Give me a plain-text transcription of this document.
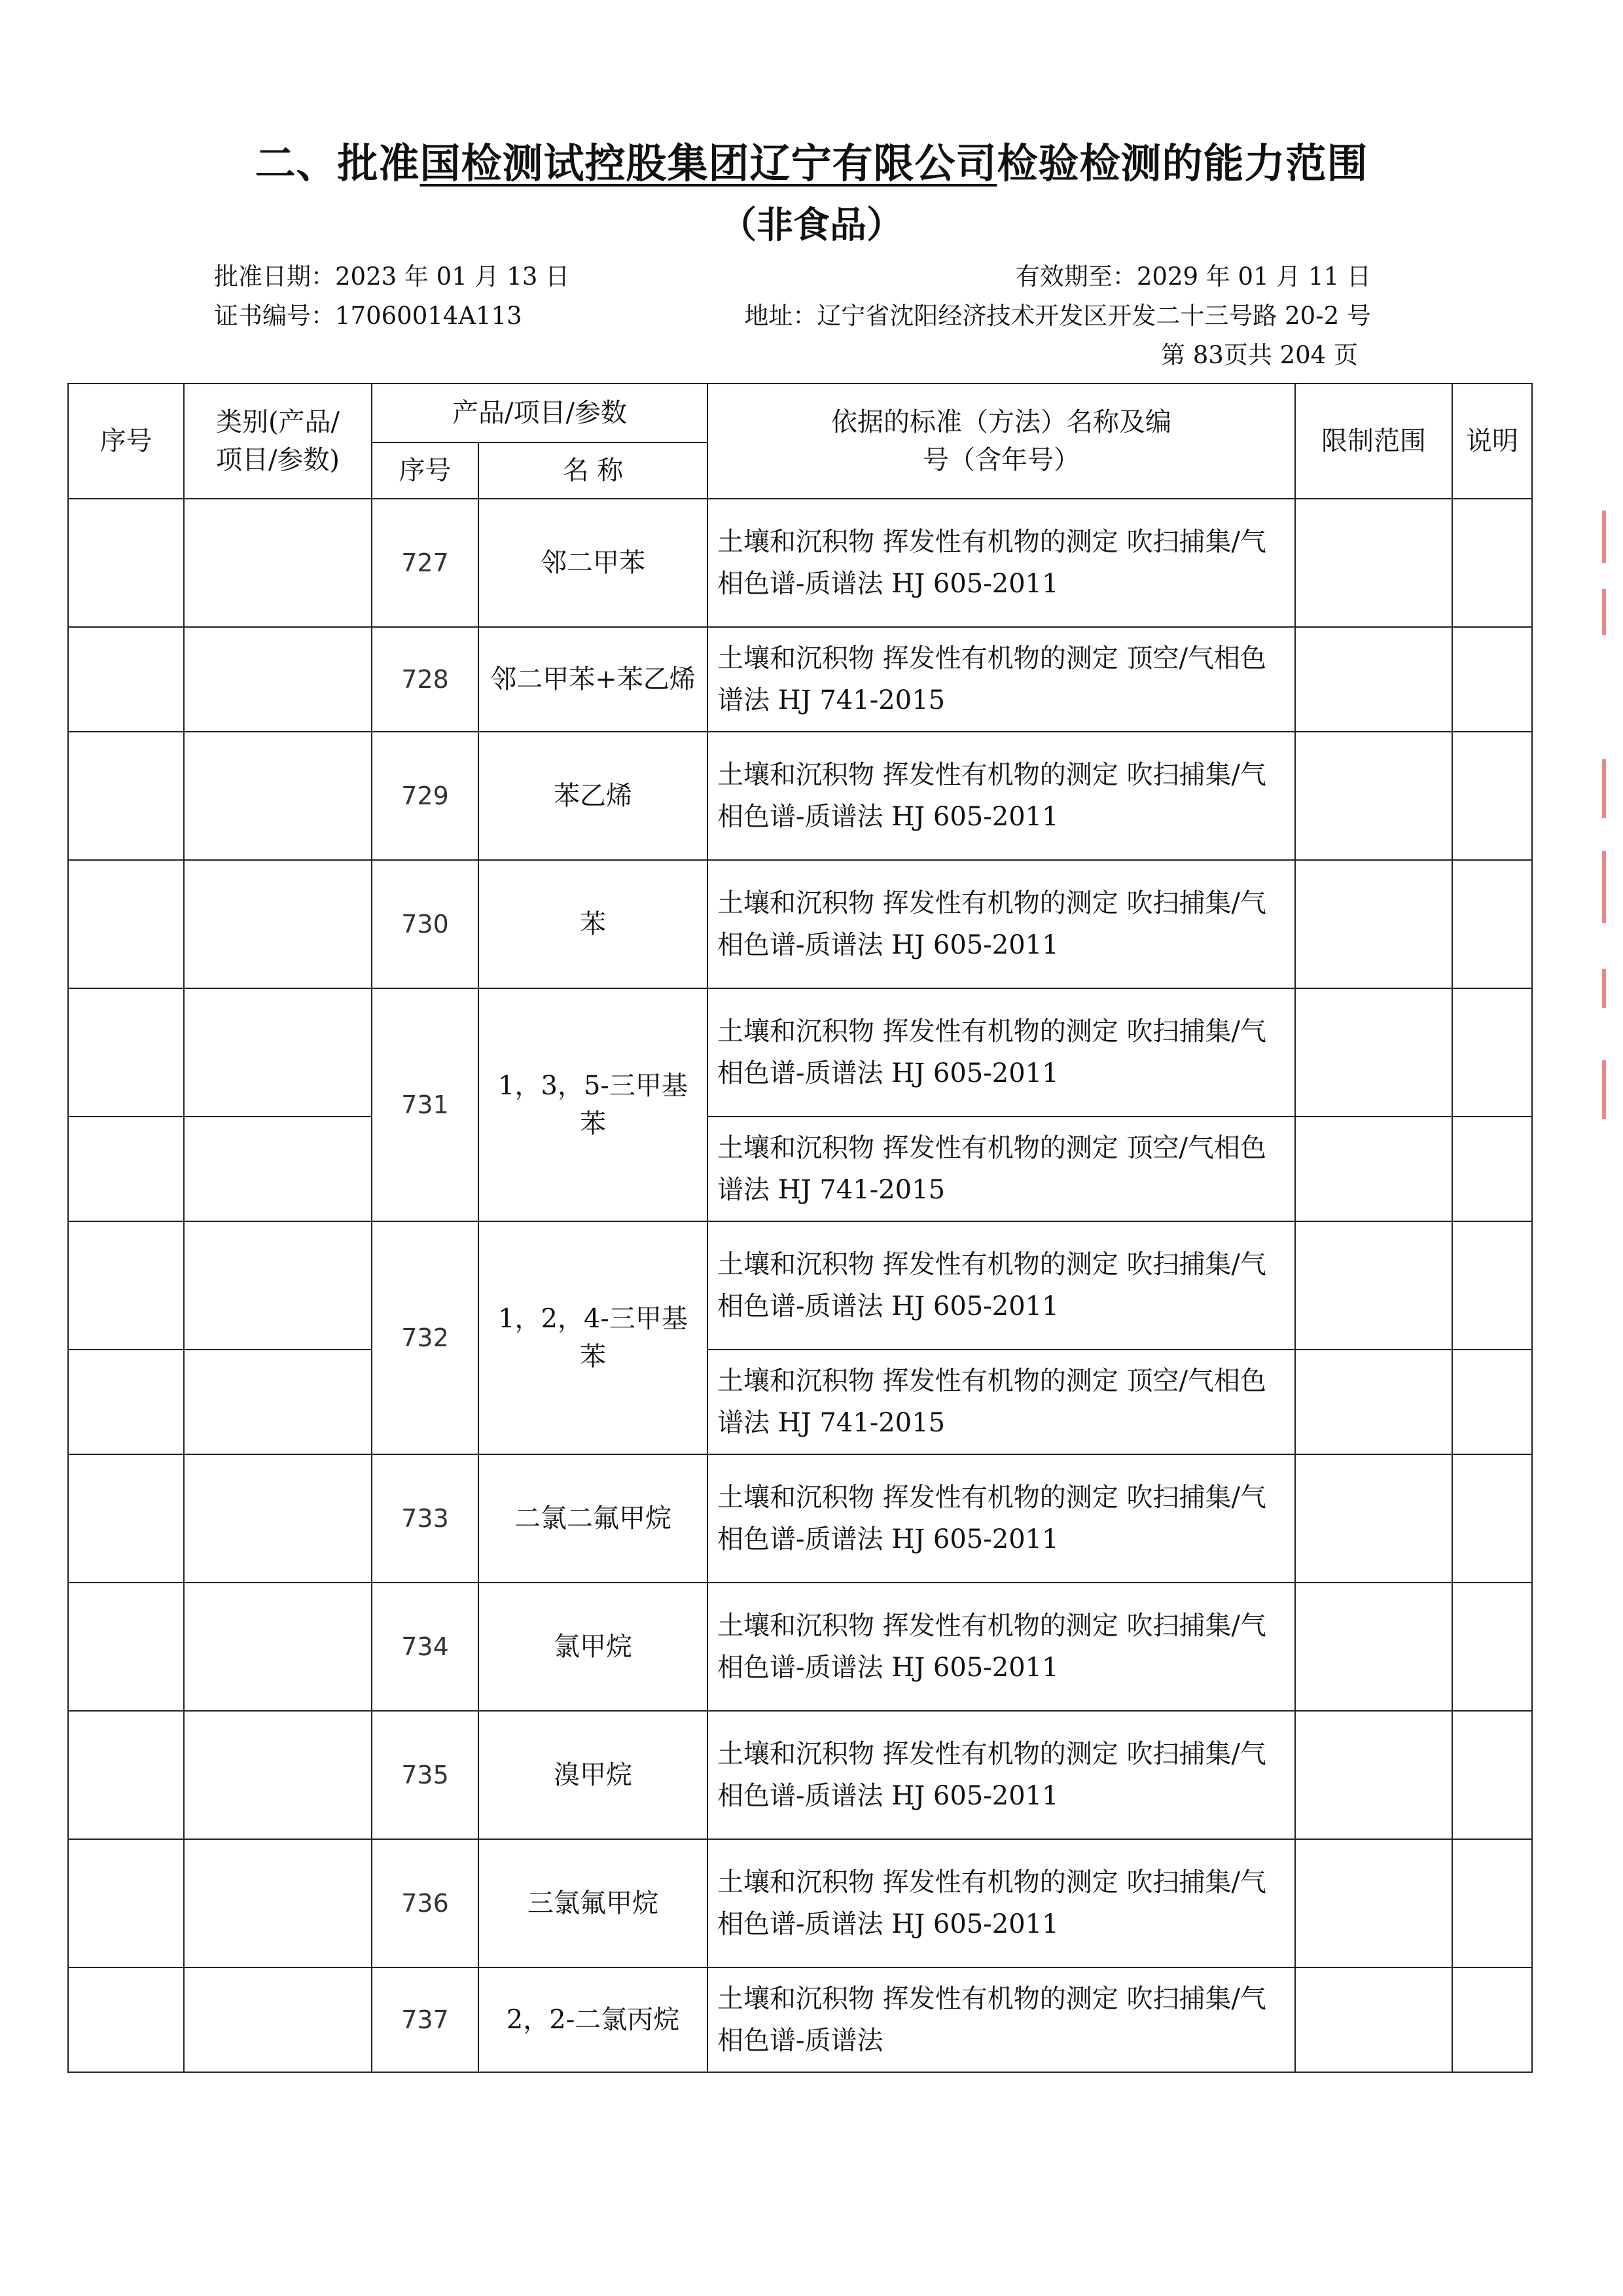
二、批准国检测试控股集团辽宁有限公司检验检测的能力范围
（非食品）
批准日期：2023 年 01 月 13 日
证书编号：17060014A113
有效期至：2029 年 01 月 11 日
地址：辽宁省沈阳经济技术开发区开发二十三号路 20-2 号
第 83页共 204 页
序号	类别(产品/项目/参数)	产品/项目/参数		依据的标准（方法）名称及编号（含年号）	限制范围	说明
		序号	名 称			
		727	邻二甲苯	土壤和沉积物 挥发性有机物的测定 吹扫捕集/气相色谱-质谱法 HJ 605-2011		
		728	邻二甲苯+苯乙烯	土壤和沉积物 挥发性有机物的测定 顶空/气相色谱法 HJ 741-2015		
		729	苯乙烯	土壤和沉积物 挥发性有机物的测定 吹扫捕集/气相色谱-质谱法 HJ 605-2011		
		730	苯	土壤和沉积物 挥发性有机物的测定 吹扫捕集/气相色谱-质谱法 HJ 605-2011		
		731	1，3，5-三甲基苯	土壤和沉积物 挥发性有机物的测定 吹扫捕集/气相色谱-质谱法 HJ 605-2011		
				土壤和沉积物 挥发性有机物的测定 顶空/气相色谱法 HJ 741-2015		
		732	1，2，4-三甲基苯	土壤和沉积物 挥发性有机物的测定 吹扫捕集/气相色谱-质谱法 HJ 605-2011		
				土壤和沉积物 挥发性有机物的测定 顶空/气相色谱法 HJ 741-2015		
		733	二氯二氟甲烷	土壤和沉积物 挥发性有机物的测定 吹扫捕集/气相色谱-质谱法 HJ 605-2011		
		734	氯甲烷	土壤和沉积物 挥发性有机物的测定 吹扫捕集/气相色谱-质谱法 HJ 605-2011		
		735	溴甲烷	土壤和沉积物 挥发性有机物的测定 吹扫捕集/气相色谱-质谱法 HJ 605-2011		
		736	三氯氟甲烷	土壤和沉积物 挥发性有机物的测定 吹扫捕集/气相色谱-质谱法 HJ 605-2011		
		737	2，2-二氯丙烷	土壤和沉积物 挥发性有机物的测定 吹扫捕集/气相色谱-质谱法		
